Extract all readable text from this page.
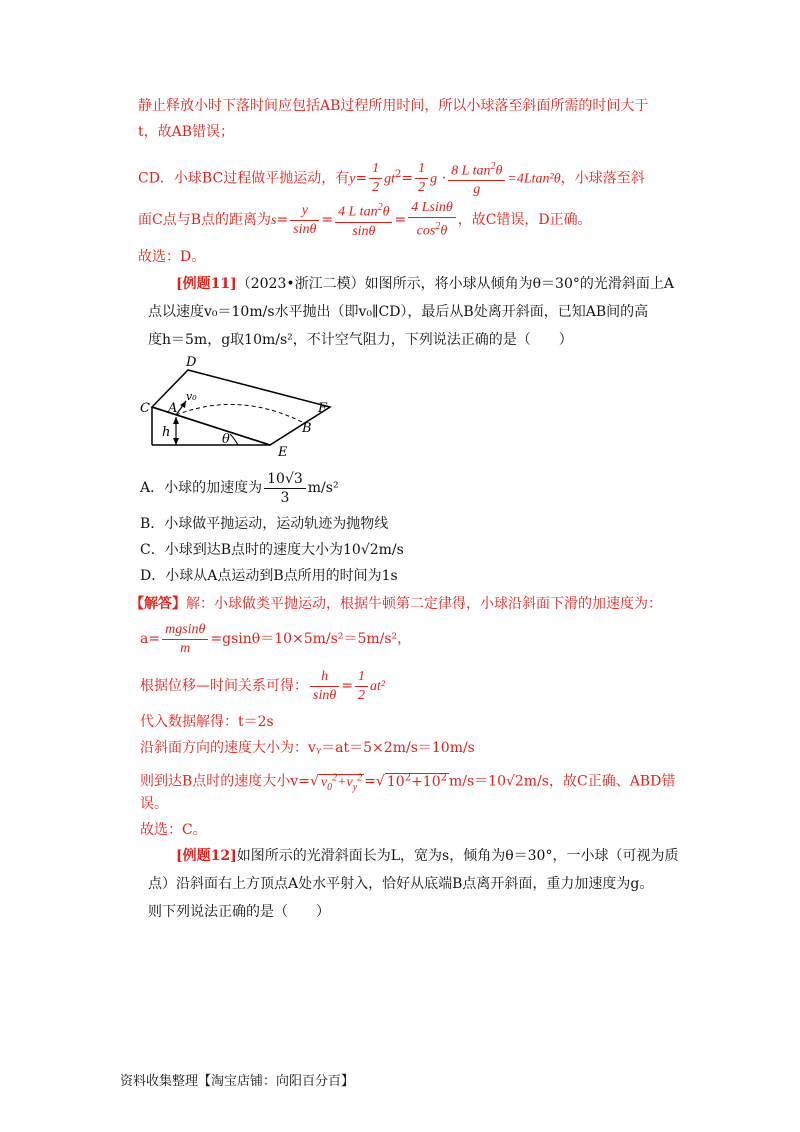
静止释放小时下落时间应包括AB过程所用时间，所以小球落至斜面所需的时间大于
t，故AB错误；
CD．小球BC过程做平抛运动，有$y= \frac{1}{2} gt^2= \frac{1}{2}$ $g \cdot \frac{8 L \tan^2\theta}{g} =4Ltan^2\theta$，小球落至斜
面C点与B点的距离为$s= \frac{y}{\sin\theta} = \frac{4 L \tan^2\theta}{\sin\theta} = \frac{4 Lsin\theta}{\cos^2\theta}$ ，故C错误，D正确。
故选：D。
[例题11]（2023•浙江二模）如图所示，将小球从倾角为θ＝30°的光滑斜面上A
点以速度v₀＝10m/s水平抛出（即v₀∥CD），最后从B处离开斜面，已知AB间的高
度h＝5m，g取10m/s²，不计空气阻力，下列说法正确的是（　　）
D
C A
v₀
F
B
h	θ
E
A．小球的加速度为 $\frac{10√3}{3} m/s^2$
B．小球做平抛运动，运动轨迹为抛物线
C．小球到达B点时的速度大小为10√2m/s
D．小球从A点运动到B点所用的时间为1s
【解答】解：小球做类平抛运动，根据牛顿第二定律得，小球沿斜面下滑的加速度为：
$a= \frac{mgsin\theta}{m} =gsin\theta=10\times 5m/s^2=5m/s^2$，
根据位移—时间关系可得： $\frac{h}{\sin\theta} = \frac{1}{2} at^2$
代入数据解得：t＝2s
沿斜面方向的速度大小为：vᵧ＝at＝5×2m/s＝10m/s
则到达B点时的速度大小v=√ $v_0^2+v_y^2$ =√ $10^2+10^2$ m/s＝10√2m/s，故C正确、ABD错
误。
故选：C。
[例题12]如图所示的光滑斜面长为L，宽为s，倾角为θ＝30°，一小球（可视为质
点）沿斜面右上方顶点A处水平射入，恰好从底端B点离开斜面，重力加速度为g。
则下列说法正确的是（　　）
资料收集整理【淘宝店铺：向阳百分百】
